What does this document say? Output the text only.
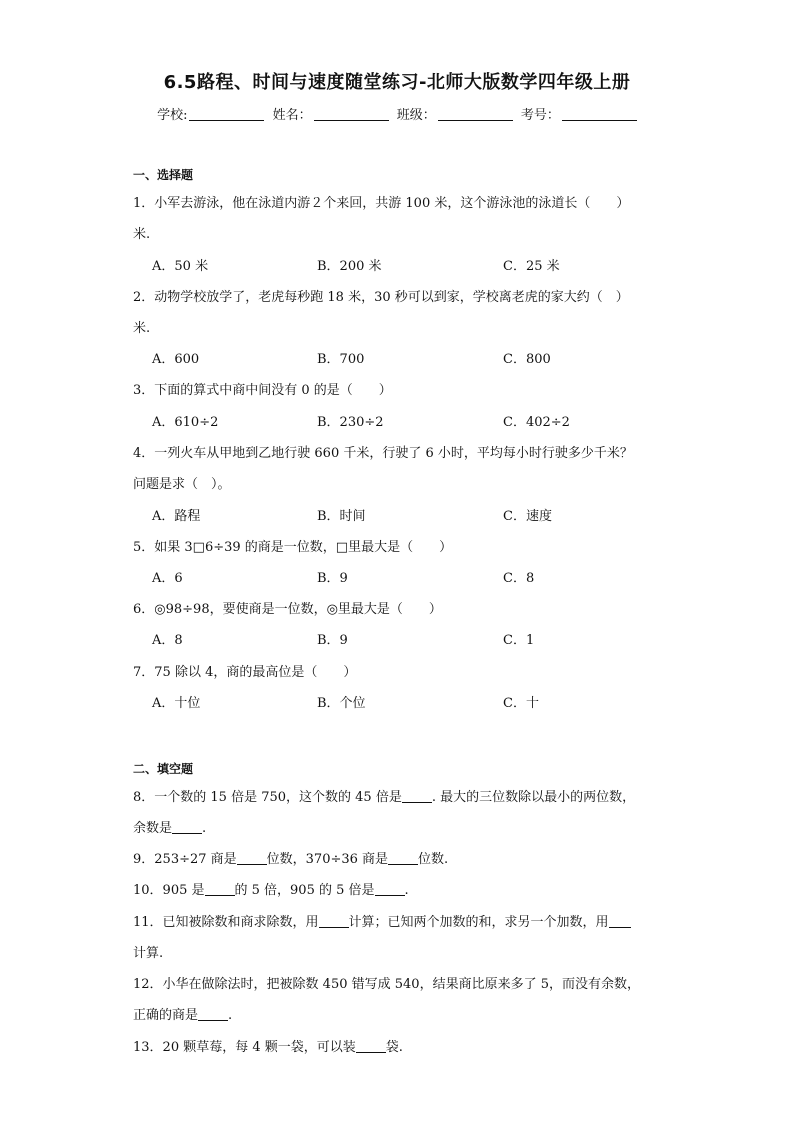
6.5路程、时间与速度随堂练习-北师大版数学四年级上册
学校:	姓名：	班级：	考号：
一、选择题
1．小军去游泳，他在泳道内游２个来回，共游 100 米，这个游泳池的泳道长（　　）
米.
A．50 米	B．200 米	C．25 米
2．动物学校放学了，老虎每秒跑 18 米，30 秒可以到家，学校离老虎的家大约（　）
米.
A．600	B．700	C．800
3．下面的算式中商中间没有 0 的是（　　）
A．610÷2	B．230÷2	C．402÷2
4．一列火车从甲地到乙地行驶 660 千米，行驶了 6 小时，平均每小时行驶多少千米？
问题是求（　）。
A．路程	B．时间	C．速度
5．如果 3□6÷39 的商是一位数，□里最大是（　　）
A．6	B．9	C．8
6．◎98÷98，要使商是一位数，◎里最大是（　　）
A．8	B．9	C．1
7．75 除以 4，商的最高位是（　　）
A．十位	B．个位	C．十
二、填空题
8．一个数的 15 倍是 750，这个数的 45 倍是 . 最大的三位数除以最小的两位数，
余数是 .
9．253÷27 商是 位数，370÷36 商是 位数.
10．905 是 的 5 倍，905 的 5 倍是 .
11．已知被除数和商求除数，用 计算；已知两个加数的和，求另一个加数，用
计算.
12．小华在做除法时，把被除数 450 错写成 540，结果商比原来多了 5，而没有余数，
正确的商是 .
13．20 颗草莓，每 4 颗一袋，可以装 袋.
